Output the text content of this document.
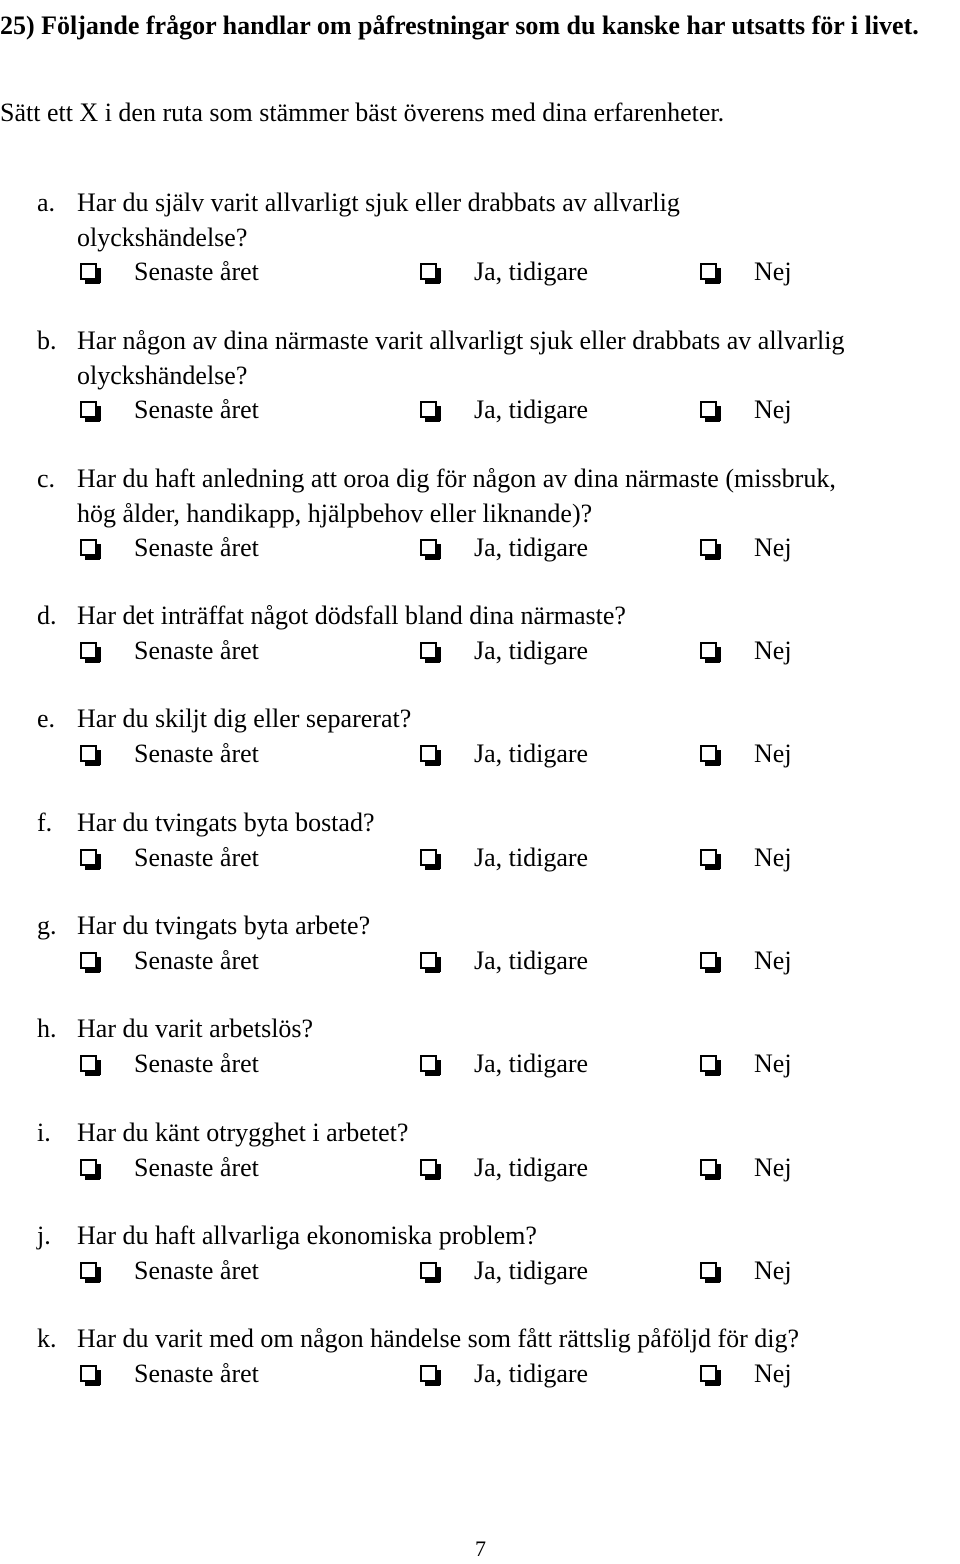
25) Följande frågor handlar om påfrestningar som du kanske har utsatts för i livet.
Sätt ett X i den ruta som stämmer bäst överens med dina erfarenheter.
a. Har du själv varit allvarligt sjuk eller drabbats av allvarlig
olyckshändelse?
Senaste året	Ja, tidigare	Nej
b. Har någon av dina närmaste varit allvarligt sjuk eller drabbats av allvarlig
olyckshändelse?
Senaste året	Ja, tidigare	Nej
c. Har du haft anledning att oroa dig för någon av dina närmaste (missbruk,
hög ålder, handikapp, hjälpbehov eller liknande)?
Senaste året	Ja, tidigare	Nej
d. Har det inträffat något dödsfall bland dina närmaste?
Senaste året	Ja, tidigare	Nej
e. Har du skiljt dig eller separerat?
Senaste året	Ja, tidigare	Nej
f. Har du tvingats byta bostad?
Senaste året	Ja, tidigare	Nej
g. Har du tvingats byta arbete?
Senaste året	Ja, tidigare	Nej
h. Har du varit arbetslös?
Senaste året	Ja, tidigare	Nej
i. Har du känt otrygghet i arbetet?
Senaste året	Ja, tidigare	Nej
j. Har du haft allvarliga ekonomiska problem?
Senaste året	Ja, tidigare	Nej
k. Har du varit med om någon händelse som fått rättslig påföljd för dig?
Senaste året	Ja, tidigare	Nej
7
